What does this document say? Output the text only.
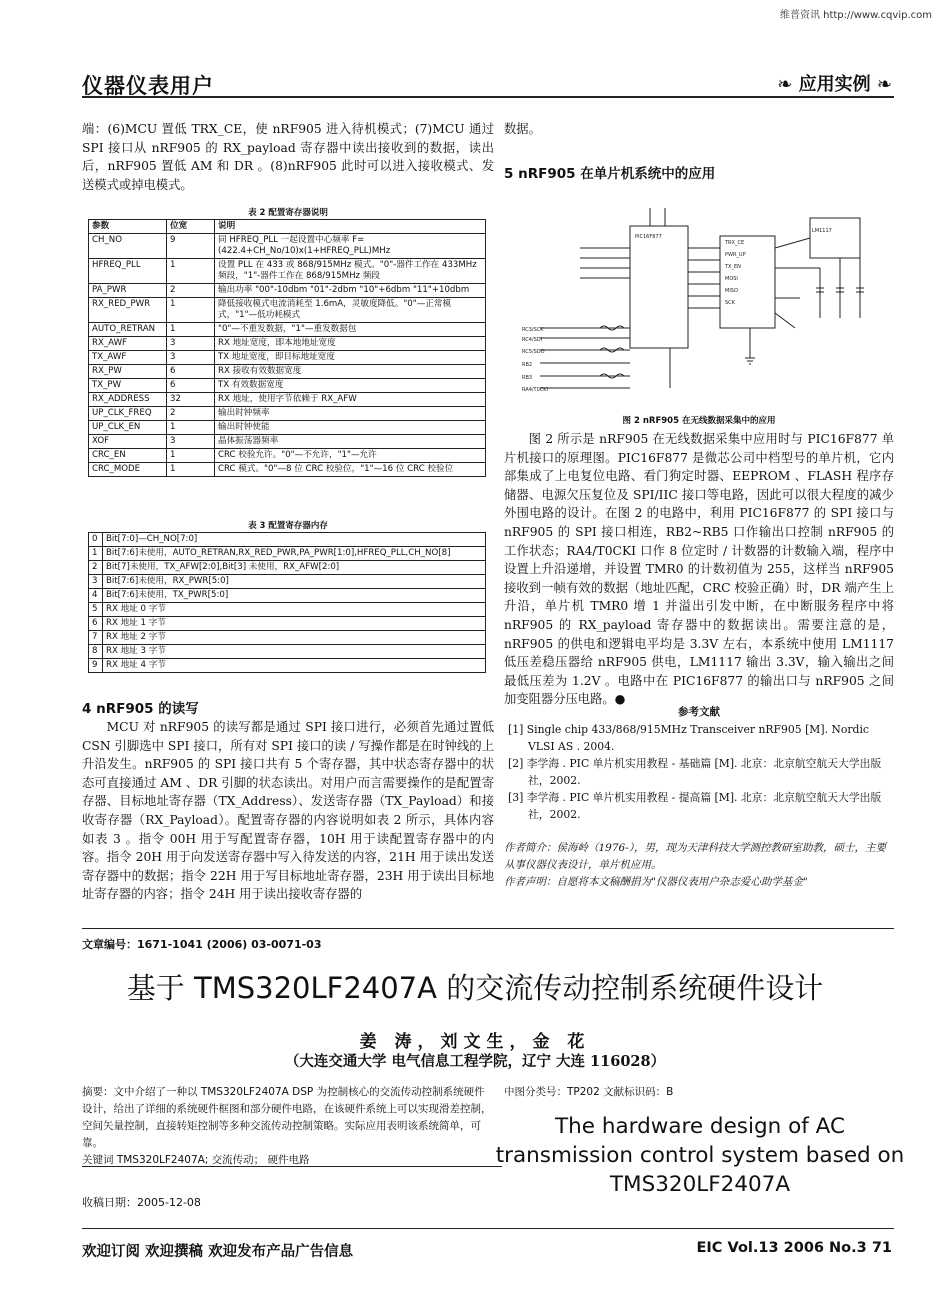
维普资讯 http://www.cqvip.com
仪器仪表用户	❧ 应用实例 ❧

端：(6)MCU 置低 TRX_CE，使 nRF905 进入待机模式；(7)MCU 通过 SPI 接口从 nRF905 的 RX_payload 寄存器中读出接收到的数据，读出后，nRF905 置低 AM 和 DR 。(8)nRF905 此时可以进入接收模式、发送模式或掉电模式。

表 2 配置寄存器说明
参数	位宽	说明
CH_NO	9	同 HFREQ_PLL 一起设置中心频率 F=(422.4+CH_No/10)x(1+HFREQ_PLL)MHz
HFREQ_PLL	1	设置 PLL 在 433 或 868/915MHz 模式。"0"-器件工作在 433MHz 频段，"1"-器件工作在 868/915MHz 频段
PA_PWR	2	输出功率 "00"-10dbm "01"-2dbm "10"+6dbm "11"+10dbm
RX_RED_PWR	1	降低接收模式电流消耗至 1.6mA，灵敏度降低。"0"—正常模式，"1"—低功耗模式
AUTO_RETRAN	1	"0"—不重发数据，"1"—重发数据包
RX_AWF	3	RX 地址宽度，即本地地址宽度
TX_AWF	3	TX 地址宽度，即目标地址宽度
RX_PW	6	RX 接收有效数据宽度
TX_PW	6	TX 有效数据宽度
RX_ADDRESS	32	RX 地址，使用字节依赖于 RX_AFW
UP_CLK_FREQ	2	输出时钟频率
UP_CLK_EN	1	输出时钟使能
XOF	3	晶体振荡器频率
CRC_EN	1	CRC 校验允许。"0"—不允许，"1"—允许
CRC_MODE	1	CRC 模式。"0"—8 位 CRC 校验位，"1"—16 位 CRC 校验位
表 3 配置寄存器内存
0	Bit[7:0]—CH_NO[7:0]
1	Bit[7:6]未使用，AUTO_RETRAN,RX_RED_PWR,PA_PWR[1:0],HFREQ_PLL,CH_NO[8]
2	Bit[7]未使用，TX_AFW[2:0],Bit[3] 未使用，RX_AFW[2:0]
3	Bit[7:6]未使用，RX_PWR[5:0]
4	Bit[7:6]未使用，TX_PWR[5:0]
5	RX 地址 0 字节
6	RX 地址 1 字节
7	RX 地址 2 字节
8	RX 地址 3 字节
9	RX 地址 4 字节
4 nRF905 的读写

MCU 对 nRF905 的读写都是通过 SPI 接口进行，必须首先通过置低 CSN 引脚选中 SPI 接口，所有对 SPI 接口的读 / 写操作都是在时钟线的上升沿发生。nRF905 的 SPI 接口共有 5 个寄存器，其中状态寄存器中的状态可直接通过 AM 、DR 引脚的状态读出。对用户而言需要操作的是配置寄存器、目标地址寄存器（TX_Address）、发送寄存器（TX_Payload）和接收寄存器（RX_Payload）。配置寄存器的内容说明如表 2 所示，具体内容如表 3 。指令 00H 用于写配置寄存器，10H 用于读配置寄存器中的内容。指令 20H 用于向发送寄存器中写入待发送的内容，21H 用于读出发送寄存器中的数据；指令 22H 用于写目标地址寄存器，23H 用于读出目标地址寄存器的内容；指令 24H 用于读出接收寄存器的

数据。

5 nRF905 在单片机系统中的应用
TRX_CE
PWR_UP
TX_EN
MOSI
MISO
SCK
PIC16F877
LM1117
RC3/SCK
RC4/SDI
RC5/SDO
RB2
RB3
RA4/T0CKI
图 2 nRF905 在无线数据采集中的应用

图 2 所示是 nRF905 在无线数据采集中应用时与 PIC16F877 单片机接口的原理图。PIC16F877 是微芯公司中档型号的单片机，它内部集成了上电复位电路、看门狗定时器、EEPROM 、FLASH 程序存储器、电源欠压复位及 SPI/IIC 接口等电路，因此可以很大程度的减少外围电路的设计。在图 2 的电路中，利用 PIC16F877 的 SPI 接口与 nRF905 的 SPI 接口相连，RB2~RB5 口作输出口控制 nRF905 的工作状态；RA4/T0CKI 口作 8 位定时 / 计数器的计数输入端，程序中设置上升沿递增，并设置 TMR0 的计数初值为 255，这样当 nRF905 接收到一帧有效的数据（地址匹配，CRC 校验正确）时，DR 端产生上升沿，单片机 TMR0 增 1 并溢出引发中断，在中断服务程序中将 nRF905 的 RX_payload 寄存器中的数据读出。需要注意的是，nRF905 的供电和逻辑电平均是 3.3V 左右，本系统中使用 LM1117 低压差稳压器给 nRF905 供电，LM1117 输出 3.3V，输入输出之间最低压差为 1.2V 。电路中在 PIC16F877 的输出口与 nRF905 之间加变阻器分压电路。●

参考文献
[1] Single chip 433/868/915MHz Transceiver nRF905 [M]. Nordic VLSI AS . 2004.
[2] 李学海 . PIC 单片机实用教程 - 基础篇 [M]. 北京：北京航空航天大学出版社，2002.
[3] 李学海 . PIC 单片机实用教程 - 提高篇 [M]. 北京：北京航空航天大学出版社，2002.
作者简介：侯海岭（1976-），男，现为天津科技大学测控教研室助教，硕士，主要从事仪器仪表设计，单片机应用。
作者声明：自愿将本文稿酬捐为"仪器仪表用户杂志爱心助学基金"
文章编号：1671-1041 (2006) 03-0071-03
基于 TMS320LF2407A 的交流传动控制系统硬件设计
姜 涛，刘文生，金 花
（大连交通大学 电气信息工程学院，辽宁 大连 116028）
摘要：文中介绍了一种以 TMS320LF2407A DSP 为控制核心的交流传动控制系统硬件设计，给出了详细的系统硬件框图和部分硬件电路，在该硬件系统上可以实现滑差控制，空间矢量控制，直接转矩控制等多种交流传动控制策略。实际应用表明该系统简单，可靠。
关键词 TMS320LF2407A; 交流传动； 硬件电路
收稿日期：2005-12-08
中图分类号：TP202 文献标识码：B
The hardware design of AC transmission control system based on TMS320LF2407A
欢迎订阅 欢迎撰稿 欢迎发布产品广告信息	EIC Vol.13 2006 No.3 71
